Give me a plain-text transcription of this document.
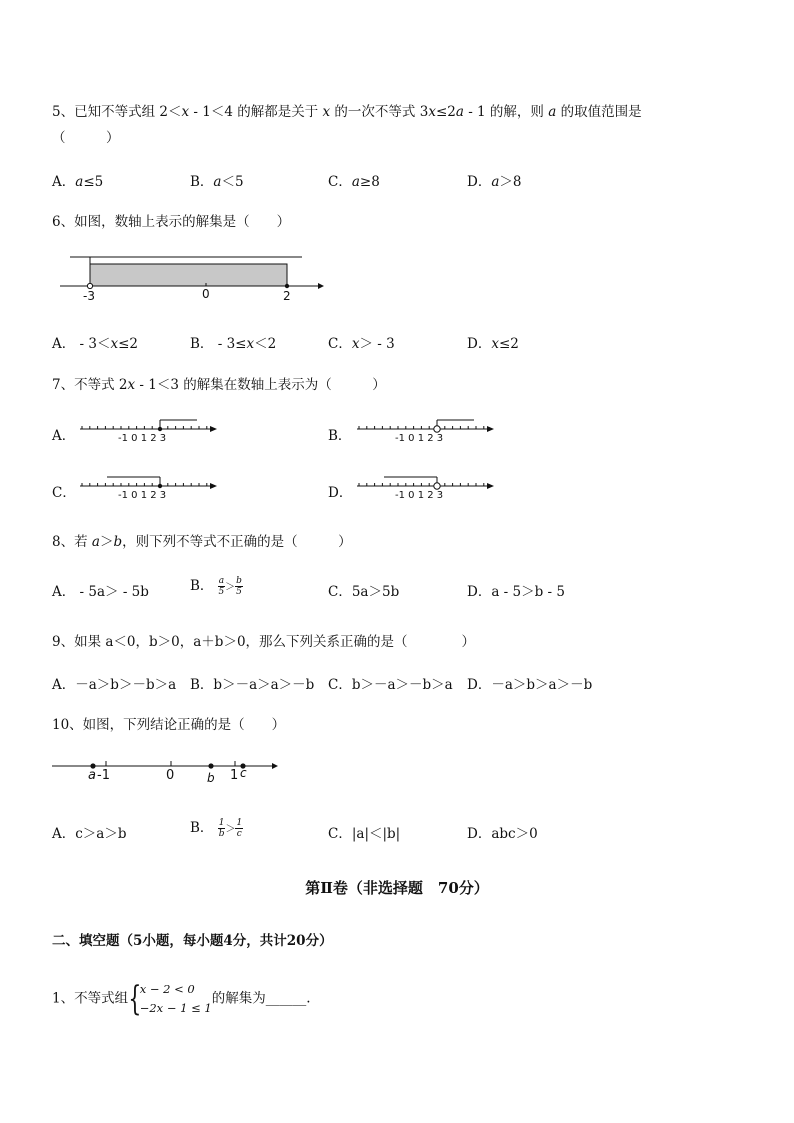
5、已知不等式组 2＜x - 1＜4 的解都是关于 x 的一次不等式 3x≤2a - 1 的解，则 a 的取值范围是
（　　　）
A．a≤5	B．a＜5	C．a≥8	D．a＞8
6、如图，数轴上表示的解集是（　　）
-3	0	2
A． - 3＜x≤2	B． - 3≤x＜2	C．x＞ - 3	D．x≤2
7、不等式 2x - 1＜3 的解集在数轴上表示为（　　　）
A．	-1 0 1 2 3	B．	-1 0 1 2 3
C．	-1 0 1 2 3	D．	-1 0 1 2 3
8、若 a＞b，则下列不等式不正确的是（　　　）
A． - 5a＞ - 5b	B． $\frac{a}{5} > \frac{b}{5}$	C．5a＞5b	D．a - 5＞b - 5
9、如果 a＜0，b＞0，a＋b＞0，那么下列关系正确的是（　　　　）
A．－a＞b＞－b＞a B．b＞－a＞a＞－b C．b＞－a＞－b＞a D．－a＞b＞a＞－b
10、如图，下列结论正确的是（　　）
a -1	0	b 1 c
A．c＞a＞b	B． $\frac{1}{b} > \frac{1}{c}$	C．|a|＜|b|	D．abc＞0
第Ⅱ卷（非选择题　70分）
二、填空题（5小题，每小题4分，共计20分）
1、不等式组{
x − 2 < 0
−2x − 1 ≤ 1
的解集为______.
